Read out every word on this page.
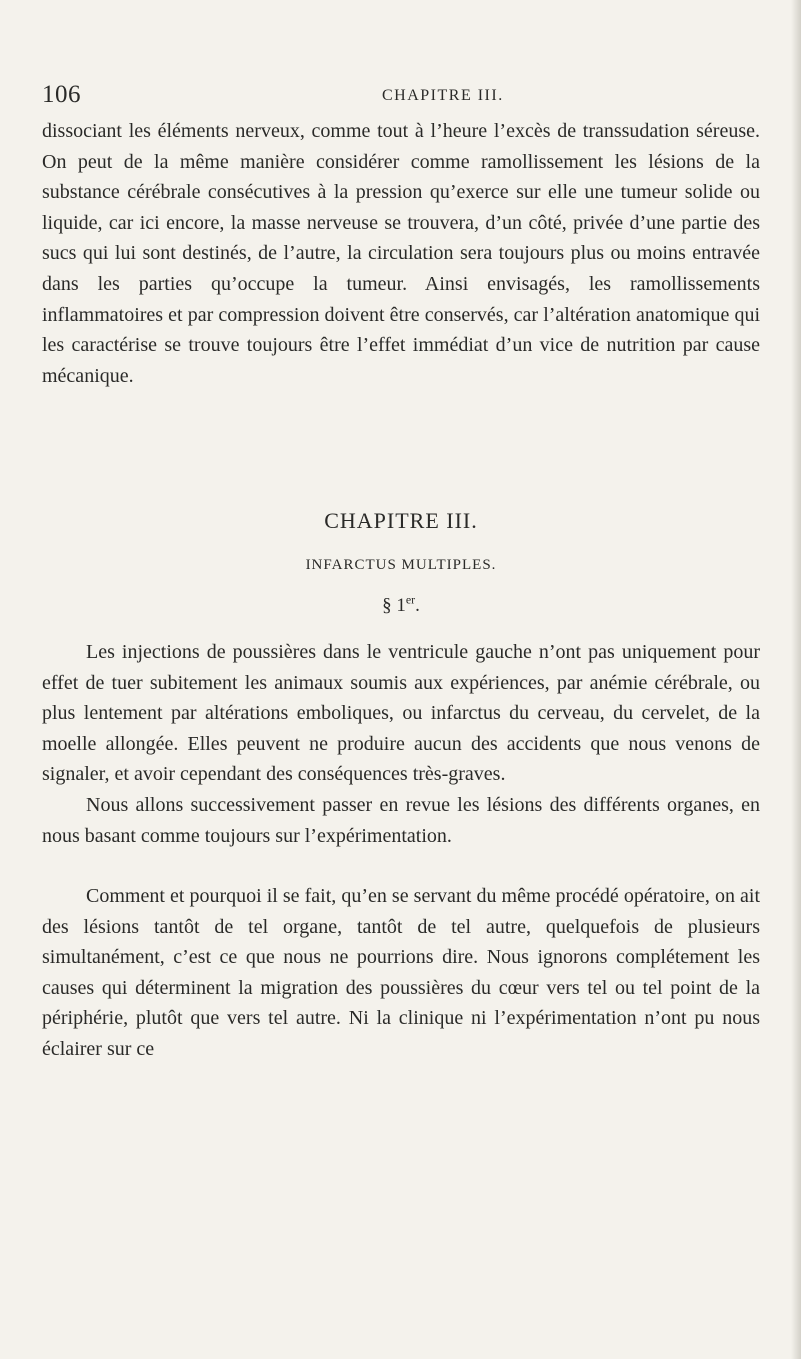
106	CHAPITRE III.

dissociant les éléments nerveux, comme tout à l’heure l’excès de transsudation séreuse. On peut de la même manière considérer comme ramollissement les lésions de la substance cérébrale consécutives à la pression qu’exerce sur elle une tumeur solide ou liquide, car ici encore, la masse nerveuse se trouvera, d’un côté, privée d’une partie des sucs qui lui sont destinés, de l’autre, la circulation sera toujours plus ou moins entravée dans les parties qu’occupe la tumeur. Ainsi envisagés, les ramollissements inflammatoires et par compression doivent être conservés, car l’altération anatomique qui les caractérise se trouve toujours être l’effet immédiat d’un vice de nutrition par cause mécanique.

CHAPITRE III.
INFARCTUS MULTIPLES.
§ 1er.

Les injections de poussières dans le ventricule gauche n’ont pas uniquement pour effet de tuer subitement les animaux soumis aux expériences, par anémie cérébrale, ou plus lentement par altérations emboliques, ou infarctus du cerveau, du cervelet, de la moelle allongée. Elles peuvent ne produire aucun des accidents que nous venons de signaler, et avoir cependant des conséquences très-graves.

Nous allons successivement passer en revue les lésions des différents organes, en nous basant comme toujours sur l’expérimentation.

Comment et pourquoi il se fait, qu’en se servant du même procédé opératoire, on ait des lésions tantôt de tel organe, tantôt de tel autre, quelquefois de plusieurs simultanément, c’est ce que nous ne pourrions dire. Nous ignorons complétement les causes qui déterminent la migration des poussières du cœur vers tel ou tel point de la périphérie, plutôt que vers tel autre. Ni la clinique ni l’expérimentation n’ont pu nous éclairer sur ce
